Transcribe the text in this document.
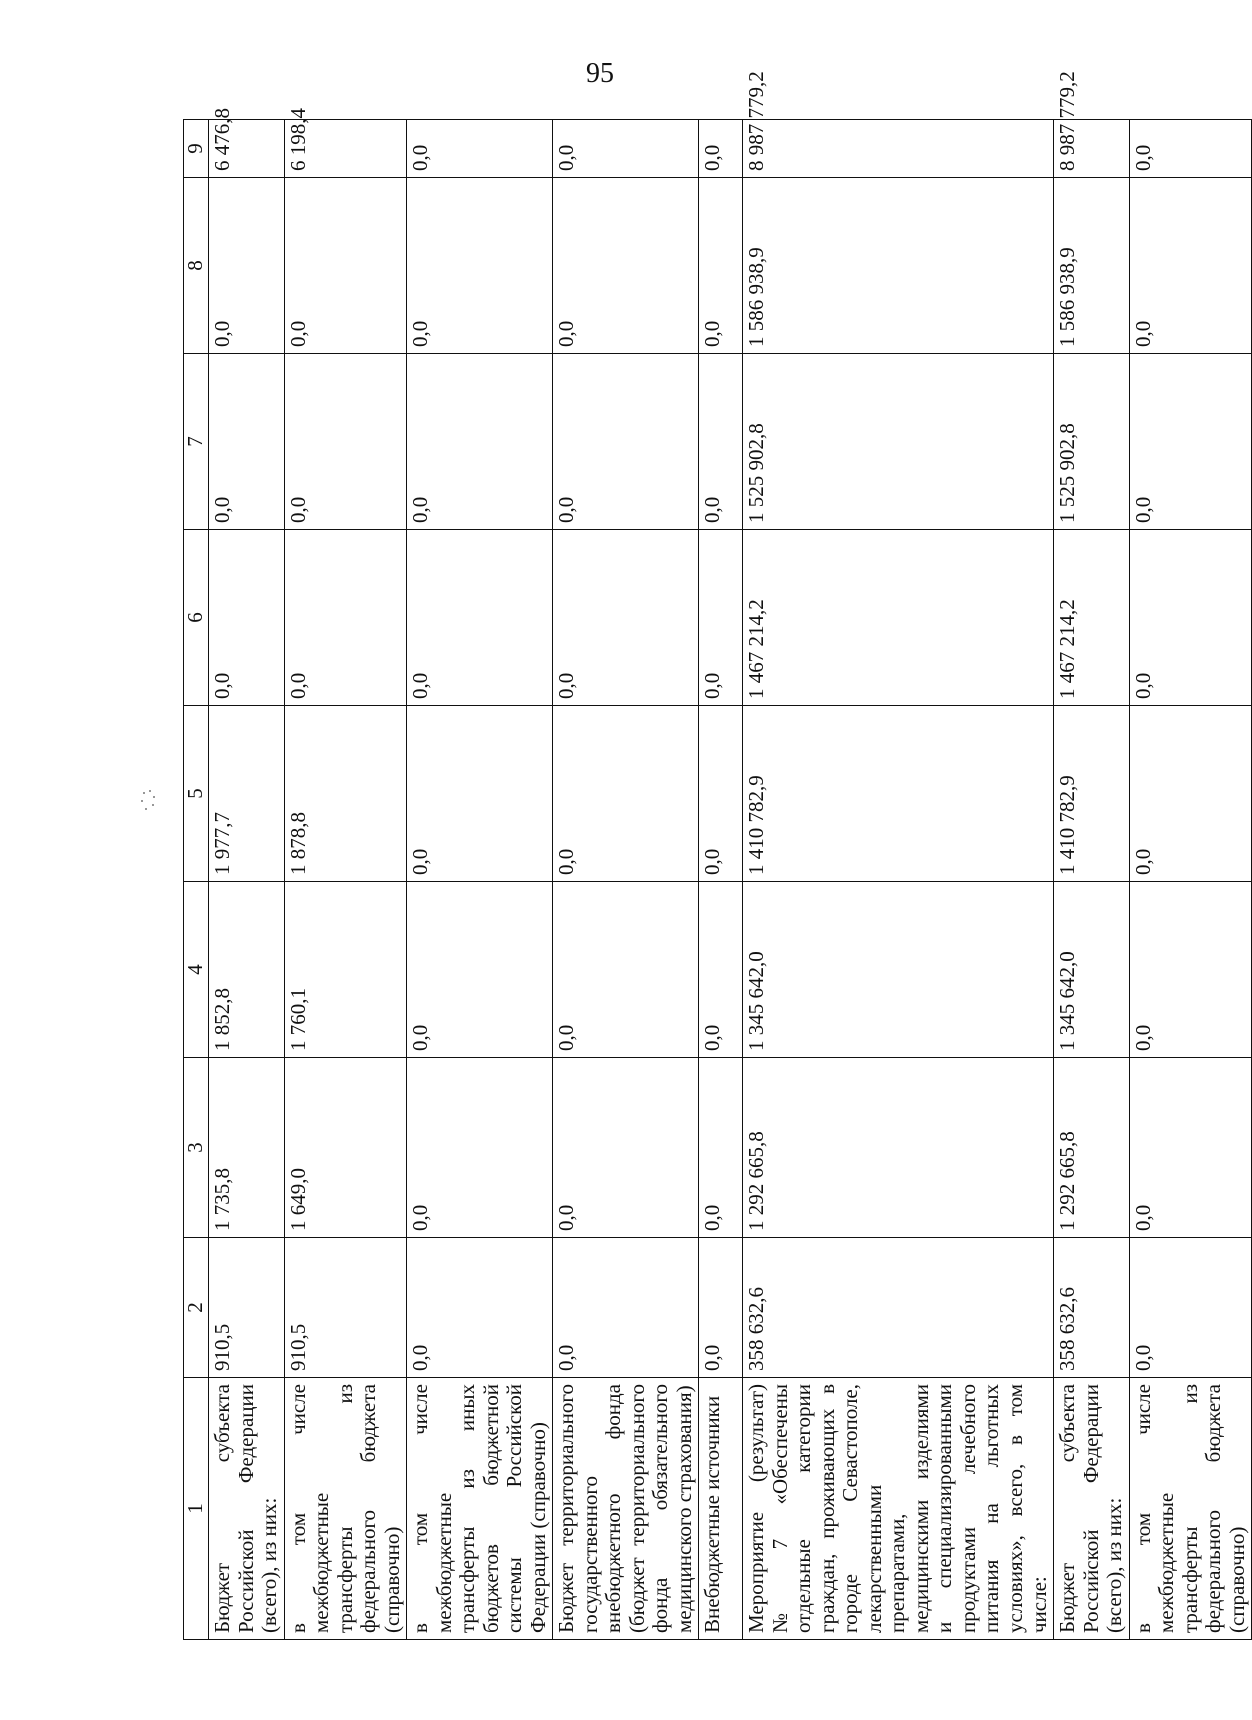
95
1	2	3	4	5	6	7	8	9
Бюджет субъекта Российской Федерации (всего), из них:	910,5	1 735,8	1 852,8	1 977,7	0,0	0,0	0,0	6 476,8
в том числе межбюджетные трансферты из федерального бюджета (справочно)	910,5	1 649,0	1 760,1	1 878,8	0,0	0,0	0,0	6 198,4
в том числе межбюджетные трансферты из иных бюджетов бюджетной системы Российской Федерации (справочно)	0,0	0,0	0,0	0,0	0,0	0,0	0,0	0,0
Бюджет территориального государственного внебюджетного фонда (бюджет территориального фонда обязательного медицинского страхования)	0,0	0,0	0,0	0,0	0,0	0,0	0,0	0,0
Внебюджетные источники	0,0	0,0	0,0	0,0	0,0	0,0	0,0	0,0
Мероприятие (результат) № 7 «Обеспечены отдельные категории граждан, проживающих в городе Севастополе, лекарственными препаратами, медицинскими изделиями и специализированными продуктами лечебного питания на льготных условиях», всего, в том числе:	358 632,6	1 292 665,8	1 345 642,0	1 410 782,9	1 467 214,2	1 525 902,8	1 586 938,9	8 987 779,2
Бюджет субъекта Российской Федерации (всего), из них:	358 632,6	1 292 665,8	1 345 642,0	1 410 782,9	1 467 214,2	1 525 902,8	1 586 938,9	8 987 779,2
в том числе межбюджетные трансферты из федерального бюджета (справочно)	0,0	0,0	0,0	0,0	0,0	0,0	0,0	0,0
